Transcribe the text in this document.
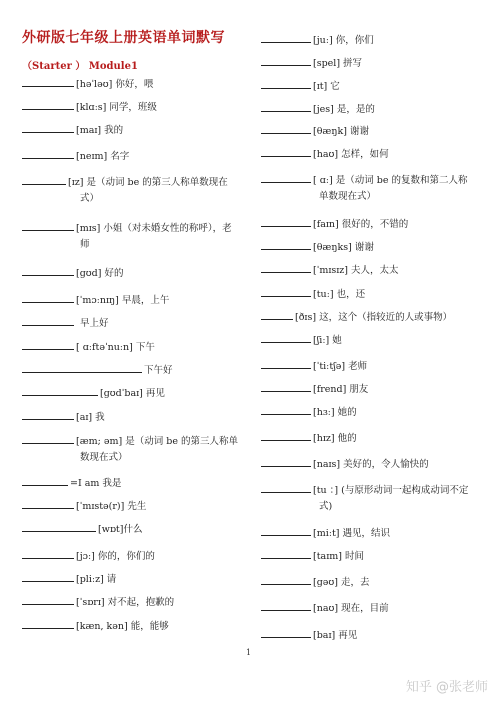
外研版七年级上册英语单词默写
（Starter ） Module1
[həˈləʊ] 你好，喂
[klɑːs] 同学，班级
[maɪ] 我的
[neɪm] 名字
[ɪz] 是（动词 be 的第三人称单数现在
式）
[mɪs] 小姐（对未婚女性的称呼），老
师
[gʊd] 好的
[ˈmɔːnɪŋ] 早晨，上午
早上好
[ ɑːftəˈnuːn] 下午
下午好
[gʊdˈbaɪ] 再见
[aɪ] 我
[æm; əm] 是（动词 be 的第三人称单
数现在式）
=I am 我是
[ˈmɪstə(r)] 先生
[wɒt]什么
[jɔː] 你的，你们的
[pliːz] 请
[ˈsɒrɪ] 对不起，抱歉的
[kæn, kən] 能，能够
[juː] 你，你们
[spel] 拼写
[ɪt] 它
[jes] 是，是的
[θæŋk] 谢谢
[haʊ] 怎样，如何
[ ɑː] 是（动词 be 的复数和第二人称
单数现在式）
[faɪn] 很好的，不错的
[θæŋks] 谢谢
[ˈmɪsɪz] 夫人，太太
[tuː] 也，还
[ðɪs] 这，这个（指较近的人或事物）
[ʃiː] 她
[ˈtiːtʃə] 老师
[frend] 朋友
[hɜː] 她的
[hɪz] 他的
[naɪs] 美好的，令人愉快的
[tu ：] (与原形动词一起构成动词不定
式)
[miːt] 遇见，结识
[taɪm] 时间
[gəʊ] 走，去
[naʊ] 现在，目前
[baɪ] 再见
1
知乎 @张老师
